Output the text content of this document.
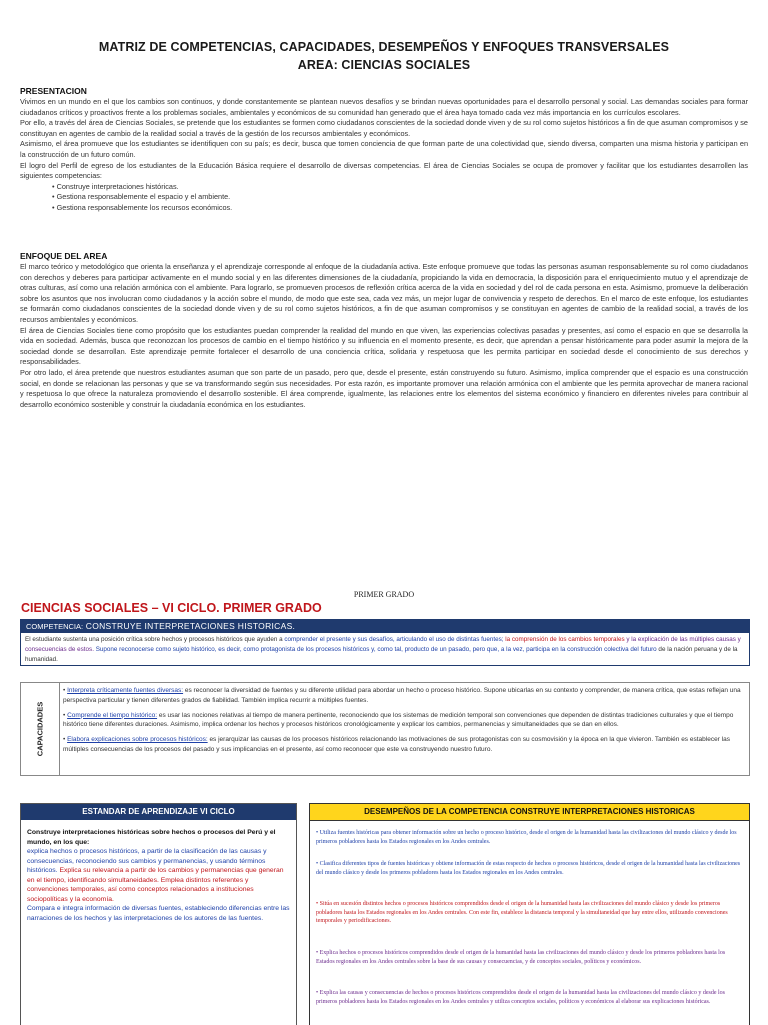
MATRIZ DE COMPETENCIAS, CAPACIDADES, DESEMPEÑOS Y ENFOQUES TRANSVERSALES
AREA: CIENCIAS SOCIALES
PRESENTACION

Vivimos en un mundo en el que los cambios son continuos, y donde constantemente se plantean nuevos desafíos y se brindan nuevas oportunidades para el desarrollo personal y social. Las demandas sociales para formar ciudadanos críticos y proactivos frente a los problemas sociales, ambientales y económicos de su comunidad han generado que el área haya tomado cada vez más importancia en los currículos escolares.

Por ello, a través del área de Ciencias Sociales, se pretende que los estudiantes se formen como ciudadanos conscientes de la sociedad donde viven y de su rol como sujetos históricos a fin de que asuman compromisos y se constituyan en agentes de cambio de la realidad social a través de la gestión de los recursos ambientales y económicos.

Asimismo, el área promueve que los estudiantes se identifiquen con su país; es decir, busca que tomen conciencia de que forman parte de una colectividad que, siendo diversa, comparten una misma historia y participan en la construcción de un futuro común.

El logro del Perfil de egreso de los estudiantes de la Educación Básica requiere el desarrollo de diversas competencias. El área de Ciencias Sociales se ocupa de promover y facilitar que los estudiantes desarrollen las siguientes competencias:

• Construye interpretaciones históricas.
• Gestiona responsablemente el espacio y el ambiente.
• Gestiona responsablemente los recursos económicos.
ENFOQUE DEL AREA

El marco teórico y metodológico que orienta la enseñanza y el aprendizaje corresponde al enfoque de la ciudadanía activa. Este enfoque promueve que todas las personas asuman responsablemente su rol como ciudadanos con derechos y deberes para participar activamente en el mundo social y en las diferentes dimensiones de la ciudadanía, propiciando la vida en democracia, la disposición para el enriquecimiento mutuo y el aprendizaje de otras culturas, así como una relación armónica con el ambiente. Para lograrlo, se promueven procesos de reflexión crítica acerca de la vida en sociedad y del rol de cada persona en esta. Asimismo, promueve la deliberación sobre los asuntos que nos involucran como ciudadanos y la acción sobre el mundo, de modo que este sea, cada vez más, un mejor lugar de convivencia y respeto de derechos. En el marco de este enfoque, los estudiantes se formarán como ciudadanos conscientes de la sociedad donde viven y de su rol como sujetos históricos, a fin de que asuman compromisos y se constituyan en agentes de cambio de la realidad social, a través de los recursos ambientales y económicos.

El área de Ciencias Sociales tiene como propósito que los estudiantes puedan comprender la realidad del mundo en que viven, las experiencias colectivas pasadas y presentes, así como el espacio en que se desarrolla la vida en sociedad. Además, busca que reconozcan los procesos de cambio en el tiempo histórico y su influencia en el momento presente, es decir, que aprendan a pensar históricamente para poder asumir la mejora de la sociedad donde se desarrollan. Este aprendizaje permite fortalecer el desarrollo de una conciencia crítica, solidaria y respetuosa que les permita participar en sociedad desde el conocimiento de sus derechos y responsabilidades.

Por otro lado, el área pretende que nuestros estudiantes asuman que son parte de un pasado, pero que, desde el presente, están construyendo su futuro. Asimismo, implica comprender que el espacio es una construcción social, en donde se relacionan las personas y que se va transformando según sus necesidades. Por esta razón, es importante promover una relación armónica con el ambiente que les permita aprovechar de manera racional y respetuosa lo que ofrece la naturaleza promoviendo el desarrollo sostenible. El área comprende, igualmente, las relaciones entre los elementos del sistema económico y financiero en diferentes niveles para contribuir al desarrollo económico sostenible y construir la ciudadanía económica en los estudiantes.

PRIMER GRADO
CIENCIAS SOCIALES – VI CICLO. PRIMER GRADO
COMPETENCIA: CONSTRUYE INTERPRETACIONES HISTORICAS.
El estudiante sustenta una posición crítica sobre hechos y procesos históricos que ayuden a comprender el presente y sus desafíos, articulando el uso de distintas fuentes; la comprensión de los cambios temporales y la explicación de las múltiples causas y consecuencias de estos. Supone reconocerse como sujeto histórico, es decir, como protagonista de los procesos históricos y, como tal, producto de un pasado, pero que, a la vez, participa en la construcción colectiva del futuro de la nación peruana y de la humanidad.
CAPACIDADES
• Interpreta críticamente fuentes diversas: es reconocer la diversidad de fuentes y su diferente utilidad para abordar un hecho o proceso histórico. Supone ubicarlas en su contexto y comprender, de manera crítica, que estas reflejan una perspectiva particular y tienen diferentes grados de fiabilidad. También implica recurrir a múltiples fuentes.
• Comprende el tiempo histórico: es usar las nociones relativas al tiempo de manera pertinente, reconociendo que los sistemas de medición temporal son convenciones que dependen de distintas tradiciones culturales y que el tiempo histórico tiene diferentes duraciones. Asimismo, implica ordenar los hechos y procesos históricos cronológicamente y explicar los cambios, permanencias y simultaneidades que se dan en ellos.
• Elabora explicaciones sobre procesos históricos: es jerarquizar las causas de los procesos históricos relacionando las motivaciones de sus protagonistas con su cosmovisión y la época en la que vivieron. También es establecer las múltiples consecuencias de los procesos del pasado y sus implicancias en el presente, así como reconocer que este va construyendo nuestro futuro.
ESTANDAR DE APRENDIZAJE VI CICLO
Construye interpretaciones históricas sobre hechos o procesos del Perú y el mundo, en los que:
explica hechos o procesos históricos, a partir de la clasificación de las causas y consecuencias, reconociendo sus cambios y permanencias, y usando términos históricos. Explica su relevancia a partir de los cambios y permanencias que generan en el tiempo, identificando simultaneidades. Emplea distintos referentes y convenciones temporales, así como conceptos relacionados a instituciones sociopolíticas y la economía.
Compara e integra información de diversas fuentes, estableciendo diferencias entre las narraciones de los hechos y las interpretaciones de los autores de las fuentes.
DESEMPEÑOS DE LA COMPETENCIA CONSTRUYE INTERPRETACIONES HISTORICAS
• Utiliza fuentes históricas para obtener información sobre un hecho o proceso histórico, desde el origen de la humanidad hasta las civilizaciones del mundo clásico y desde los primeros pobladores hasta los Estados regionales en los Andes centrales.
• Clasifica diferentes tipos de fuentes históricas y obtiene información de estas respecto de hechos o procesos históricos, desde el origen de la humanidad hasta las civilizaciones del mundo clásico y desde los primeros pobladores hasta los Estados regionales en los Andes centrales.
• Sitúa en sucesión distintos hechos o procesos históricos comprendidos desde el origen de la humanidad hasta las civilizaciones del mundo clásico y desde los primeros pobladores hasta los Estados regionales en los Andes centrales. Con este fin, establece la distancia temporal y la simultaneidad que hay entre ellos, utilizando convenciones temporales y periodificaciones.
• Explica hechos o procesos históricos comprendidos desde el origen de la humanidad hasta las civilizaciones del mundo clásico y desde los primeros pobladores hasta los Estados regionales en los Andes centrales sobre la base de sus causas y consecuencias, y de conceptos sociales, políticos y económicos.
• Explica las causas y consecuencias de hechos o procesos históricos comprendidos desde el origen de la humanidad hasta las civilizaciones del mundo clásico y desde los primeros pobladores hasta los Estados regionales en los Andes centrales y utiliza conceptos sociales, políticos y económicos al elaborar sus explicaciones históricas.
